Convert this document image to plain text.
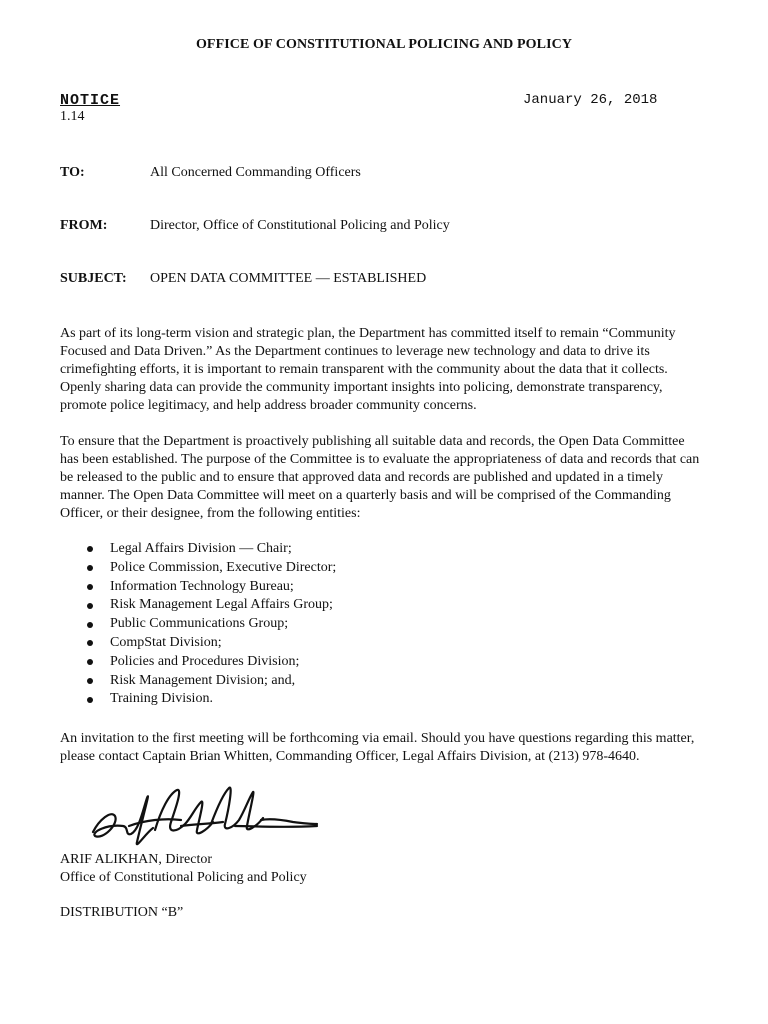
OFFICE OF CONSTITUTIONAL POLICING AND POLICY
NOTICE
1.14
January 26, 2018
TO:	All Concerned Commanding Officers
FROM:	Director, Office of Constitutional Policing and Policy
SUBJECT:	OPEN DATA COMMITTEE — ESTABLISHED

As part of its long-term vision and strategic plan, the Department has committed itself to remain “Community Focused and Data Driven.” As the Department continues to leverage new technology and data to drive its crimefighting efforts, it is important to remain transparent with the community about the data that it collects. Openly sharing data can provide the community important insights into policing, demonstrate transparency, promote police legitimacy, and help address broader community concerns.

To ensure that the Department is proactively publishing all suitable data and records, the Open Data Committee has been established. The purpose of the Committee is to evaluate the appropriateness of data and records that can be released to the public and to ensure that approved data and records are published and updated in a timely manner. The Open Data Committee will meet on a quarterly basis and will be comprised of the Commanding Officer, or their designee, from the following entities:

Legal Affairs Division — Chair;
Police Commission, Executive Director;
Information Technology Bureau;
Risk Management Legal Affairs Group;
Public Communications Group;
CompStat Division;
Policies and Procedures Division;
Risk Management Division; and,
Training Division.

An invitation to the first meeting will be forthcoming via email. Should you have questions regarding this matter, please contact Captain Brian Whitten, Commanding Officer, Legal Affairs Division, at (213) 978-4640.

ARIF ALIKHAN, Director
Office of Constitutional Policing and Policy
DISTRIBUTION “B”
